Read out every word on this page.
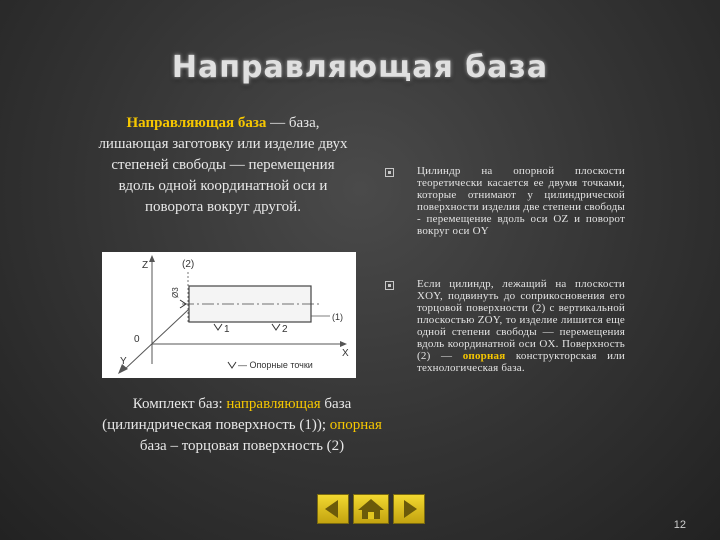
Направляющая база
Направляющая база — база, лишающая заготовку или изделие двух степеней свободы — перемещения вдоль одной координатной оси и поворота вокруг другой.
Z	(2)
Ø3
X
Y
0
1	2
(1)
— Опорные точки
Комплект баз: направляющая база (цилиндрическая поверхность (1)); опорная база – торцовая поверхность (2)
Цилиндр на опорной плоскости теоретически касается ее двумя точками, которые отнимают у цилиндрической поверхности изделия две степени свободы - перемещение вдоль оси OZ и поворот вокруг оси OY
Если цилиндр, лежащий на плоскости XOY, подвинуть до соприкосновения его торцовой поверхности (2) с вертикальной плоскостью ZOY, то изделие лишится еще одной степени свободы — перемещения вдоль координатной оси OX. Поверхность (2) — опорная конструкторская или технологическая база.
12
